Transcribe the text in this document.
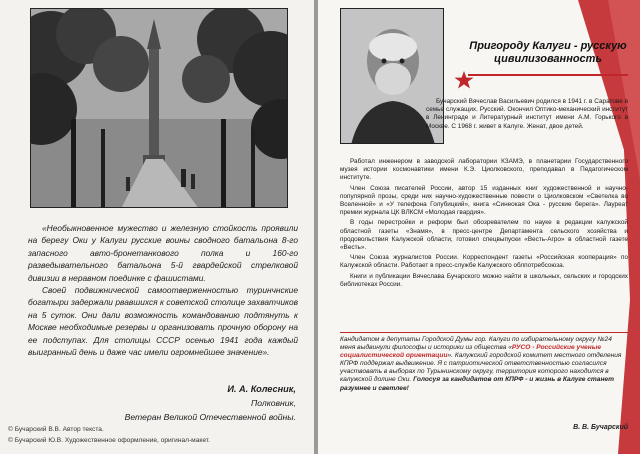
«Необыкновенное мужество и железную стойкость проявили на берегу Оки у Калуги русские воины сводного батальона 8-го запасного авто-бронетанкового полка и 160-го разведывательного батальона 5-й гвардейской стрелковой дивизии в неравном поединке с фашистами.

Своей подвижнической самоотверженностью туринчнские богатыри задержали рвавшихся к советской столице захватчиков на 5 суток. Они дали возможность командованию подтянуть к Москве необходимые резервы и организовать прочную оборону на ее подступах. Для столицы СССР осенью 1941 года каждый выигранный день и даже час имели огромнейшее значение».

И. А. Колесник,
Полковник,
Ветеран Великой Отечественной войны.
© Бучарский В.В. Автор текста.
© Бучарский Ю.В. Художественное оформление, оригинал-макет.
Пригороду Калуги - русскую цивилизованность
Бучарский Вячеслав Васильевич родился в 1941 г. в Саратове в семье служащих. Русский. Окончил Оптико-механический институт в Ленинграде и Литературный институт имени А.М. Горького в Москве. С 1968 г. живет в Калуге. Женат, двое детей.

Работал инженером в заводской лаборатории КЗАМЭ, в планетарии Государственного музея истории космонавтики имени К.Э. Циолковского, преподавал в Педагогическом институте.

Член Союза писателей России, автор 15 изданных книг художественной и научно-популярной прозы, среди них научно-художественные повести о Циолковском «Светелка во Вселенной» и «У телефона Голубицкий», книга «Синеокая Ока - русские берега». Лауреат премии журнала ЦК ВЛКСМ «Молодая гвардия».

В годы перестройки и реформ был обозревателем по науке в редакции калужской областной газеты «Знамя», в пресс-центре Департамента сельского хозяйства и продовольствия Калужской области, готовил спецвыпуски «Весть-Агро» в областной газете «Весть».

Член Союза журналистов России. Корреспондент газеты «Российская кооперация» по Калужской области. Работает в пресс-службе Калужского облпотребсоюза.

Книги и публикации Вячеслава Бучарского можно найти в школьных, сельских и городских библиотеках России.

Кандидатом в депутаты Городской Думы гор. Калуги по избирательному округу №24 меня выдвинули философы и историки из общества «РУСО - Российские ученые социалистической ориентации». Калужский городской комитет местного отделения КПРФ поддержал выдвижение. Я с патриотической ответственностью согласился участвовать в выборах по Турынинскому округу, территория которого находится в калужской долине Оки. Голосуя за кандидатов от КПРФ - и жизнь в Калуге станет разумнее и светлее!
В. В. Бучарский
